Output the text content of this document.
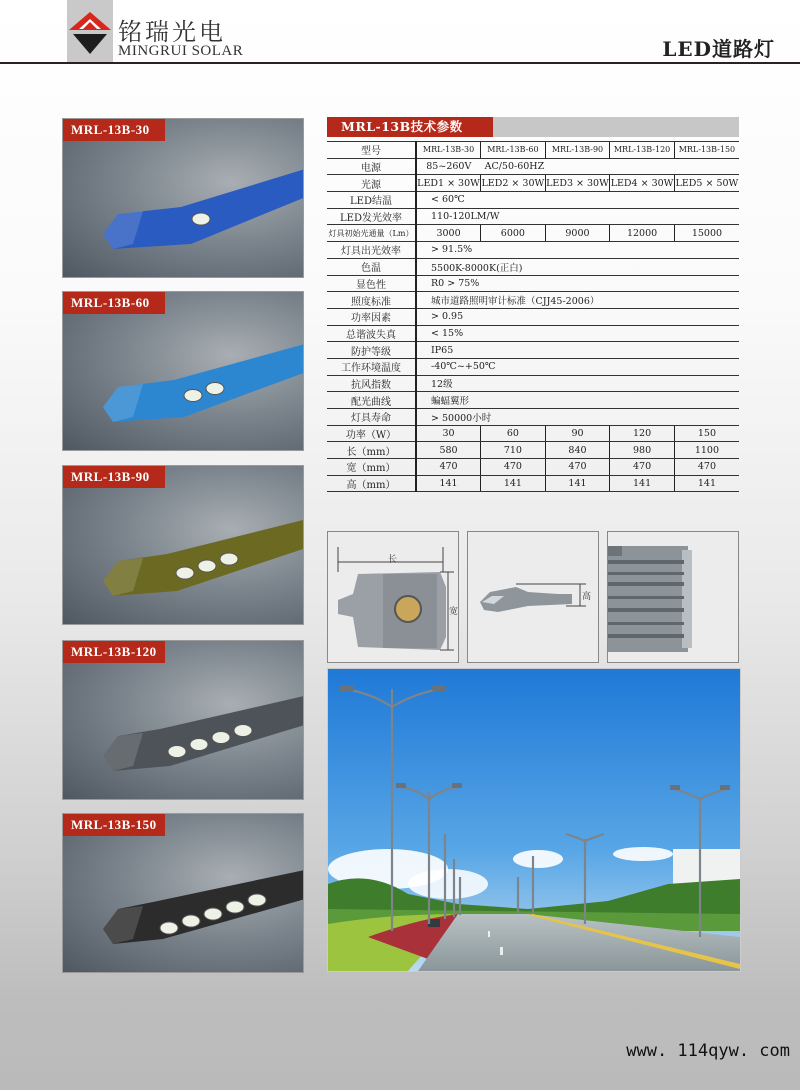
铭瑞光电
MINGRUI SOLAR	LED道路灯
MRL-13B-30
MRL-13B-60
MRL-13B-90
MRL-13B-120
MRL-13B-150
MRL-13B技术参数
型号	MRL-13B-30	MRL-13B-60	MRL-13B-90	MRL-13B-120	MRL-13B-150
电源	85~260V	AC/50-60HZ			
光源	LED1 × 30W	LED2 × 30W	LED3 × 30W	LED4 × 30W	LED5 × 50W
LED结温	< 60℃				
LED发光效率	110-120LM/W				
灯具初始光通量（Lm）	3000	6000	9000	12000	15000
灯具出光效率	> 91.5%				
色温	5500K-8000K(正白)				
显色性	R0 > 75%				
照度标准	城市道路照明审计标准（CJJ45-2006）				
功率因素	> 0.95				
总谐波失真	< 15%				
防护等级	IP65				
工作环境温度	-40℃~+50℃				
抗风指数	12级				
配光曲线	蝙蝠翼形				
灯具寿命	> 50000小时				
功率（W）	30	60	90	120	150
长（mm）	580	710	840	980	1100
宽（mm）	470	470	470	470	470
高（mm）	141	141	141	141	141
长
宽
高
www. 114qyw. com
